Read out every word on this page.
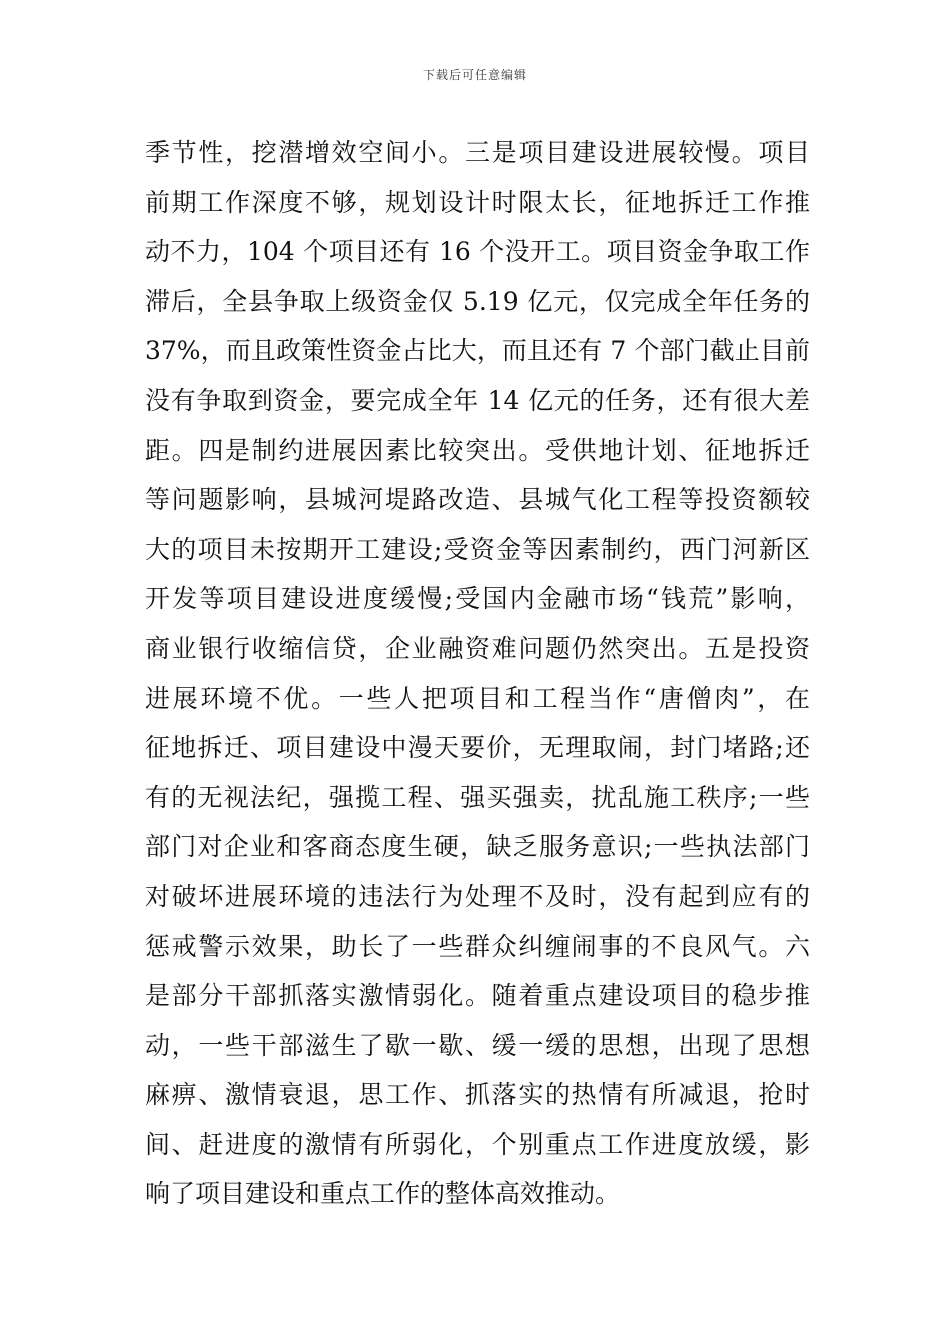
下载后可任意编辑
季节性，挖潜增效空间小。三是项目建设进展较慢。项目
前期工作深度不够，规划设计时限太长，征地拆迁工作推
动不力，104 个项目还有 16 个没开工。项目资金争取工作
滞后，全县争取上级资金仅 5.19 亿元，仅完成全年任务的
37%，而且政策性资金占比大，而且还有 7 个部门截止目前
没有争取到资金，要完成全年 14 亿元的任务，还有很大差
距。四是制约进展因素比较突出。受供地计划、征地拆迁
等问题影响，县城河堤路改造、县城气化工程等投资额较
大的项目未按期开工建设;受资金等因素制约，西门河新区
开发等项目建设进度缓慢;受国内金融市场“钱荒”影响，
商业银行收缩信贷，企业融资难问题仍然突出。五是投资
进展环境不优。一些人把项目和工程当作“唐僧肉”，在
征地拆迁、项目建设中漫天要价，无理取闹，封门堵路;还
有的无视法纪，强揽工程、强买强卖，扰乱施工秩序;一些
部门对企业和客商态度生硬，缺乏服务意识;一些执法部门
对破坏进展环境的违法行为处理不及时，没有起到应有的
惩戒警示效果，助长了一些群众纠缠闹事的不良风气。六
是部分干部抓落实激情弱化。随着重点建设项目的稳步推
动，一些干部滋生了歇一歇、缓一缓的思想，出现了思想
麻痹、激情衰退，思工作、抓落实的热情有所减退，抢时
间、赶进度的激情有所弱化，个别重点工作进度放缓，影
响了项目建设和重点工作的整体高效推动。
